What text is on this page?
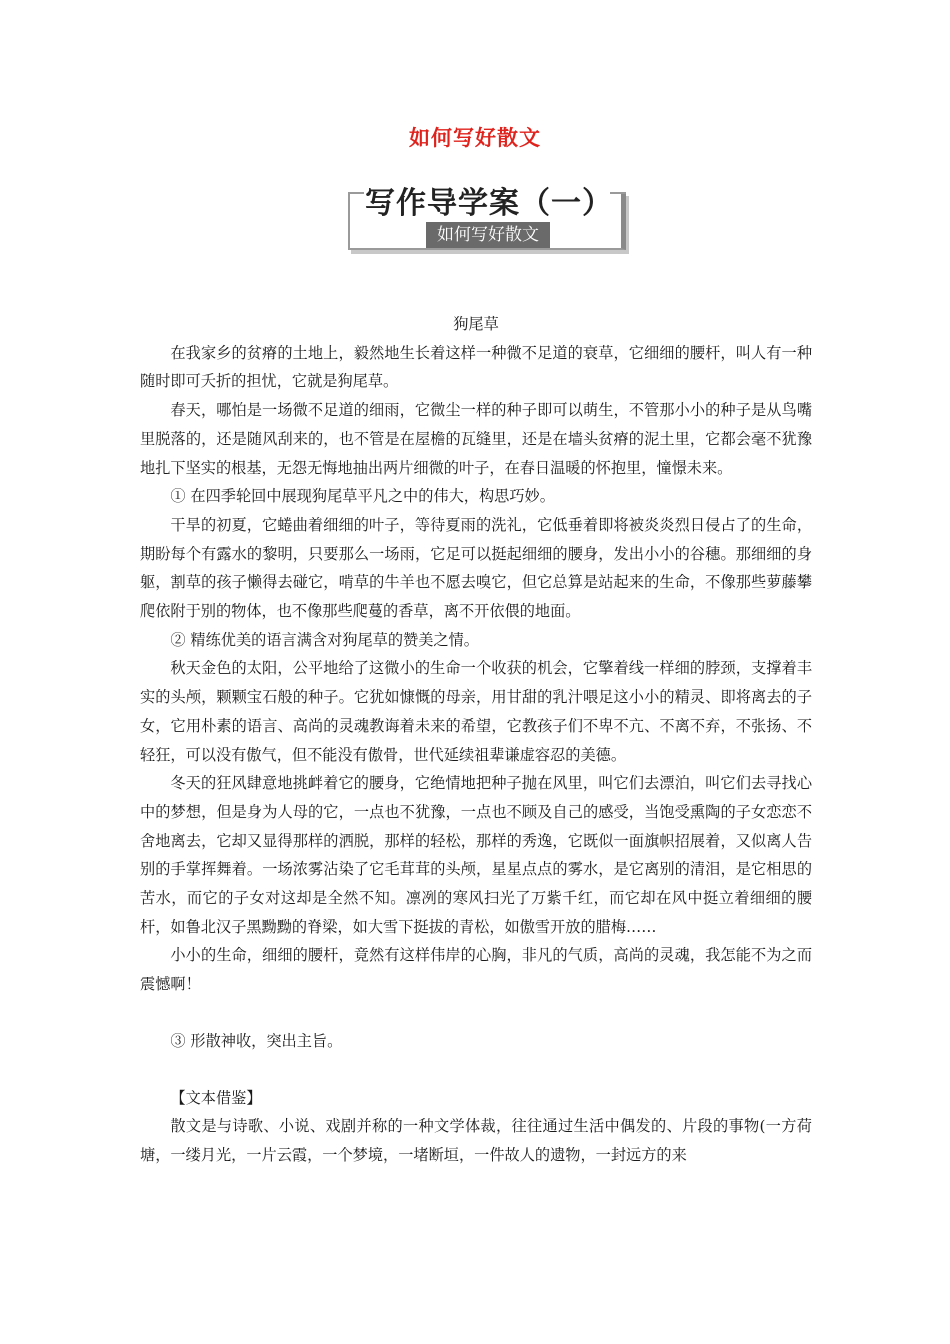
如何写好散文
写作导学案（一）
如何写好散文
狗尾草

在我家乡的贫瘠的土地上，毅然地生长着这样一种微不足道的衰草，它细细的腰杆，叫人有一种随时即可夭折的担忧，它就是狗尾草。

春天，哪怕是一场微不足道的细雨，它微尘一样的种子即可以萌生，不管那小小的种子是从鸟嘴里脱落的，还是随风刮来的，也不管是在屋檐的瓦缝里，还是在墙头贫瘠的泥土里，它都会毫不犹豫地扎下坚实的根基，无怨无悔地抽出两片细微的叶子，在春日温暖的怀抱里，憧憬未来。

① 在四季轮回中展现狗尾草平凡之中的伟大，构思巧妙。

干旱的初夏，它蜷曲着细细的叶子，等待夏雨的洗礼，它低垂着即将被炎炎烈日侵占了的生命，期盼每个有露水的黎明，只要那么一场雨，它足可以挺起细细的腰身，发出小小的谷穗。那细细的身躯，割草的孩子懒得去碰它，啃草的牛羊也不愿去嗅它，但它总算是站起来的生命，不像那些萝藤攀爬依附于别的物体，也不像那些爬蔓的香草，离不开依偎的地面。

② 精练优美的语言满含对狗尾草的赞美之情。

秋天金色的太阳，公平地给了这微小的生命一个收获的机会，它擎着线一样细的脖颈，支撑着丰实的头颅，颗颗宝石般的种子。它犹如慷慨的母亲，用甘甜的乳汁喂足这小小的精灵、即将离去的子女，它用朴素的语言、高尚的灵魂教诲着未来的希望，它教孩子们不卑不亢、不离不弃，不张扬、不轻狂，可以没有傲气，但不能没有傲骨，世代延续祖辈谦虚容忍的美德。

冬天的狂风肆意地挑衅着它的腰身，它绝情地把种子抛在风里，叫它们去漂泊，叫它们去寻找心中的梦想，但是身为人母的它，一点也不犹豫，一点也不顾及自己的感受，当饱受熏陶的子女恋恋不舍地离去，它却又显得那样的洒脱，那样的轻松，那样的秀逸，它既似一面旗帜招展着，又似离人告别的手掌挥舞着。一场浓雾沾染了它毛茸茸的头颅，星星点点的雾水，是它离别的清泪，是它相思的苦水，而它的子女对这却是全然不知。凛冽的寒风扫光了万紫千红，而它却在风中挺立着细细的腰杆，如鲁北汉子黑黝黝的脊梁，如大雪下挺拔的青松，如傲雪开放的腊梅……

小小的生命，细细的腰杆，竟然有这样伟岸的心胸，非凡的气质，高尚的灵魂，我怎能不为之而震憾啊！

③ 形散神收，突出主旨。

【文本借鉴】

散文是与诗歌、小说、戏剧并称的一种文学体裁，往往通过生活中偶发的、片段的事物(一方荷塘，一缕月光，一片云霞，一个梦境，一堵断垣，一件故人的遗物，一封远方的来
